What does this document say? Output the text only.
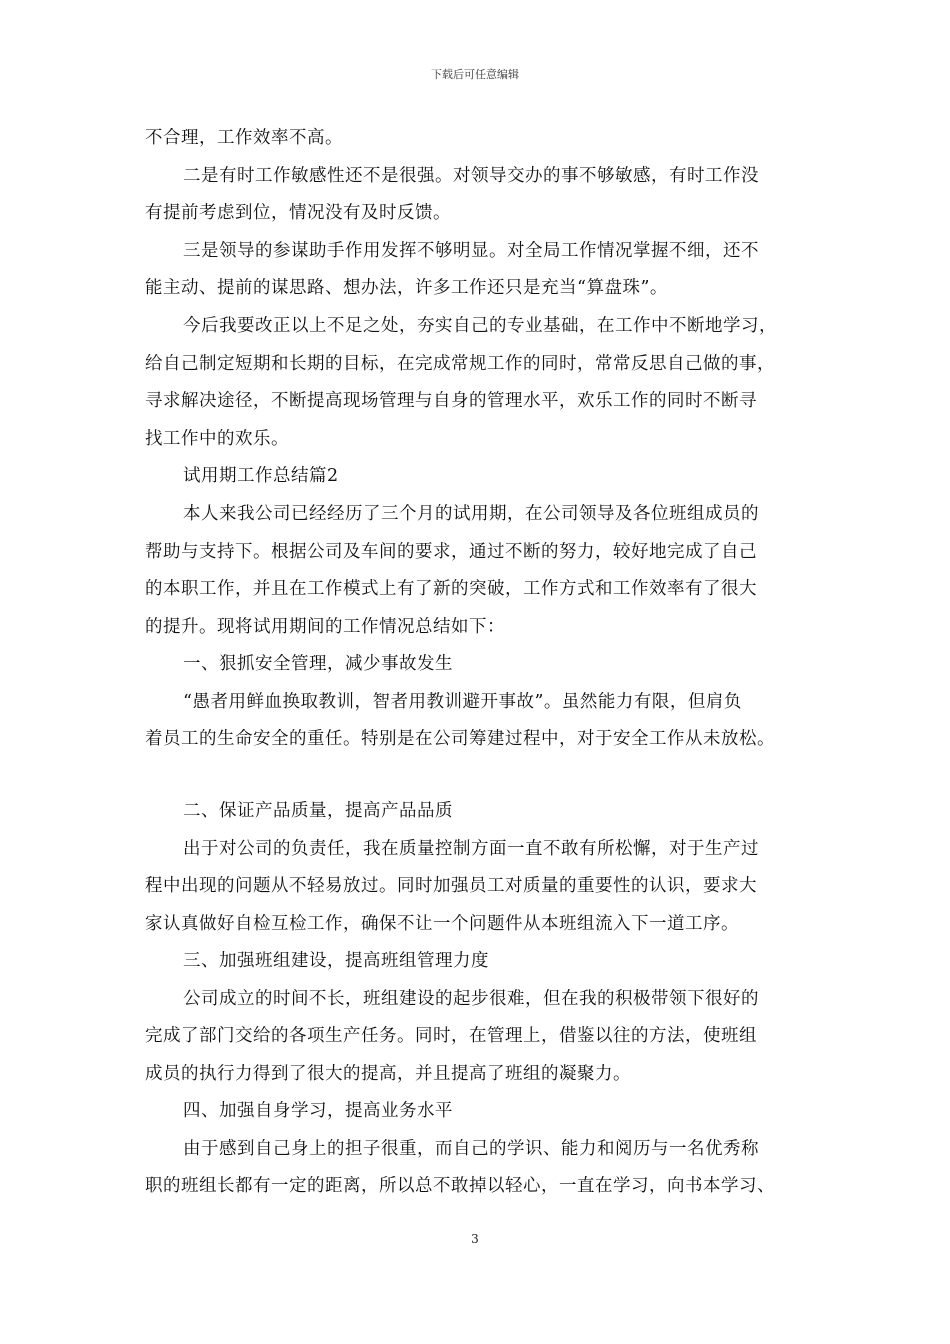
下载后可任意编辑
不合理，工作效率不高。
二是有时工作敏感性还不是很强。对领导交办的事不够敏感，有时工作没
有提前考虑到位，情况没有及时反馈。
三是领导的参谋助手作用发挥不够明显。对全局工作情况掌握不细，还不
能主动、提前的谋思路、想办法，许多工作还只是充当“算盘珠”。
今后我要改正以上不足之处，夯实自己的专业基础，在工作中不断地学习，
给自己制定短期和长期的目标，在完成常规工作的同时，常常反思自己做的事，
寻求解决途径，不断提高现场管理与自身的管理水平，欢乐工作的同时不断寻
找工作中的欢乐。
试用期工作总结篇2
本人来我公司已经经历了三个月的试用期，在公司领导及各位班组成员的
帮助与支持下。根据公司及车间的要求，通过不断的努力，较好地完成了自己
的本职工作，并且在工作模式上有了新的突破，工作方式和工作效率有了很大
的提升。现将试用期间的工作情况总结如下：
一、狠抓安全管理，减少事故发生
“愚者用鲜血换取教训，智者用教训避开事故”。虽然能力有限，但肩负
着员工的生命安全的重任。特别是在公司筹建过程中，对于安全工作从未放松。
二、保证产品质量，提高产品品质
出于对公司的负责任，我在质量控制方面一直不敢有所松懈，对于生产过
程中出现的问题从不轻易放过。同时加强员工对质量的重要性的认识，要求大
家认真做好自检互检工作，确保不让一个问题件从本班组流入下一道工序。
三、加强班组建设，提高班组管理力度
公司成立的时间不长，班组建设的起步很难，但在我的积极带领下很好的
完成了部门交给的各项生产任务。同时，在管理上，借鉴以往的方法，使班组
成员的执行力得到了很大的提高，并且提高了班组的凝聚力。
四、加强自身学习，提高业务水平
由于感到自己身上的担子很重，而自己的学识、能力和阅历与一名优秀称
职的班组长都有一定的距离，所以总不敢掉以轻心，一直在学习，向书本学习、
3
